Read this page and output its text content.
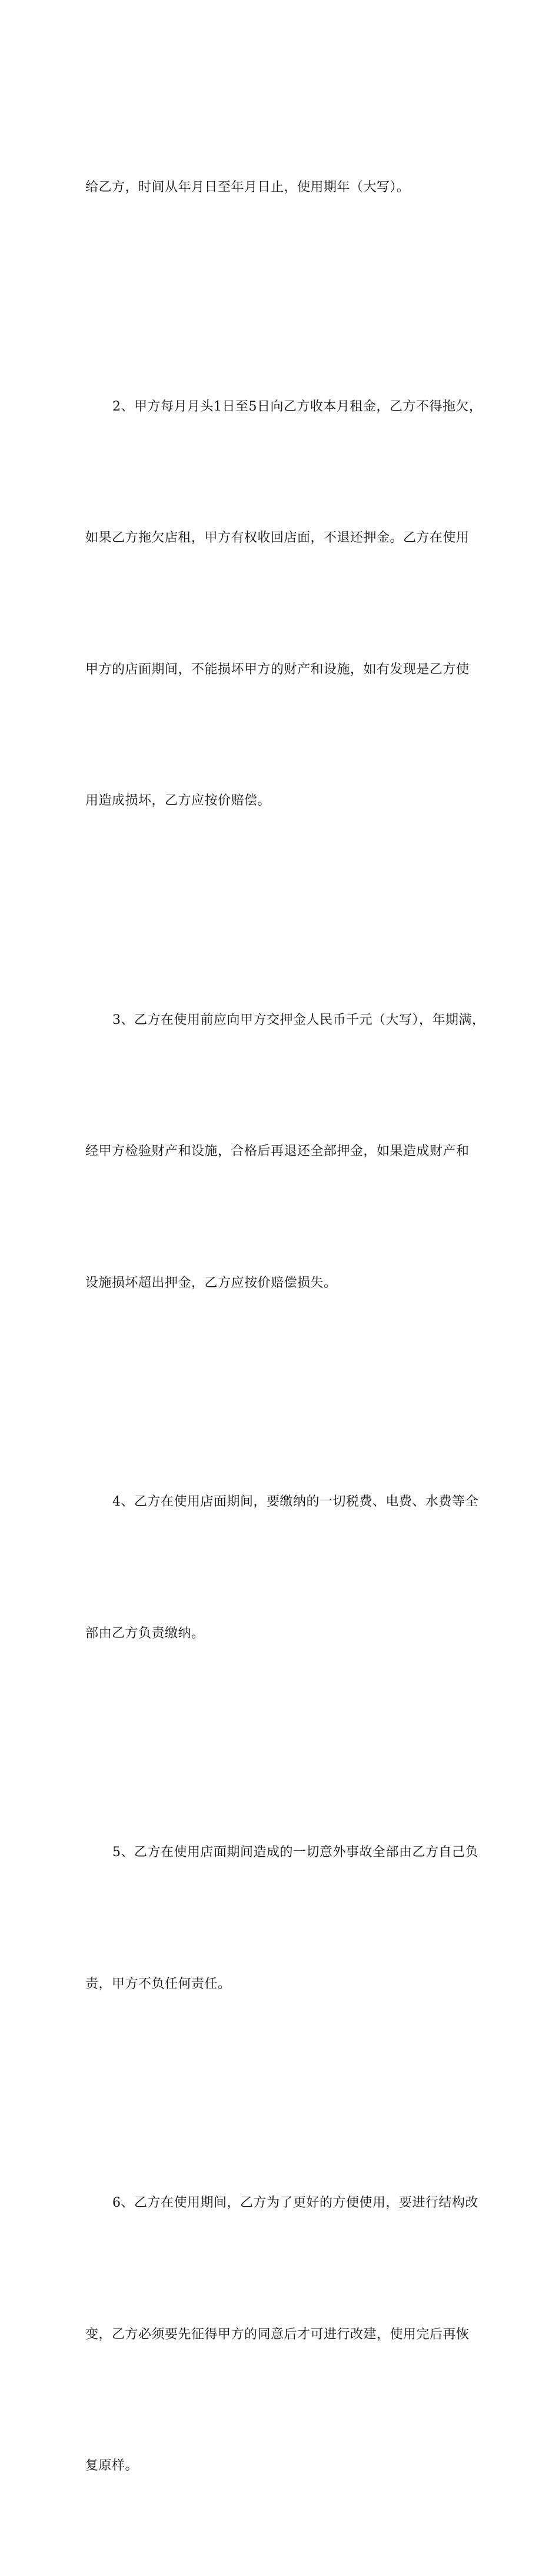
给乙方，时间从年月日至年月日止，使用期年（大写）。

2、甲方每月月头1日至5日向乙方收本月租金，乙方不得拖欠，

如果乙方拖欠店租，甲方有权收回店面，不退还押金。乙方在使用

甲方的店面期间，不能损坏甲方的财产和设施，如有发现是乙方使

用造成损坏，乙方应按价赔偿。

3、乙方在使用前应向甲方交押金人民币千元（大写），年期满，

经甲方检验财产和设施，合格后再退还全部押金，如果造成财产和

设施损坏超出押金，乙方应按价赔偿损失。

4、乙方在使用店面期间，要缴纳的一切税费、电费、水费等全

部由乙方负责缴纳。

5、乙方在使用店面期间造成的一切意外事故全部由乙方自己负

责，甲方不负任何责任。

6、乙方在使用期间，乙方为了更好的方便使用，要进行结构改

变，乙方必须要先征得甲方的同意后才可进行改建，使用完后再恢

复原样。
